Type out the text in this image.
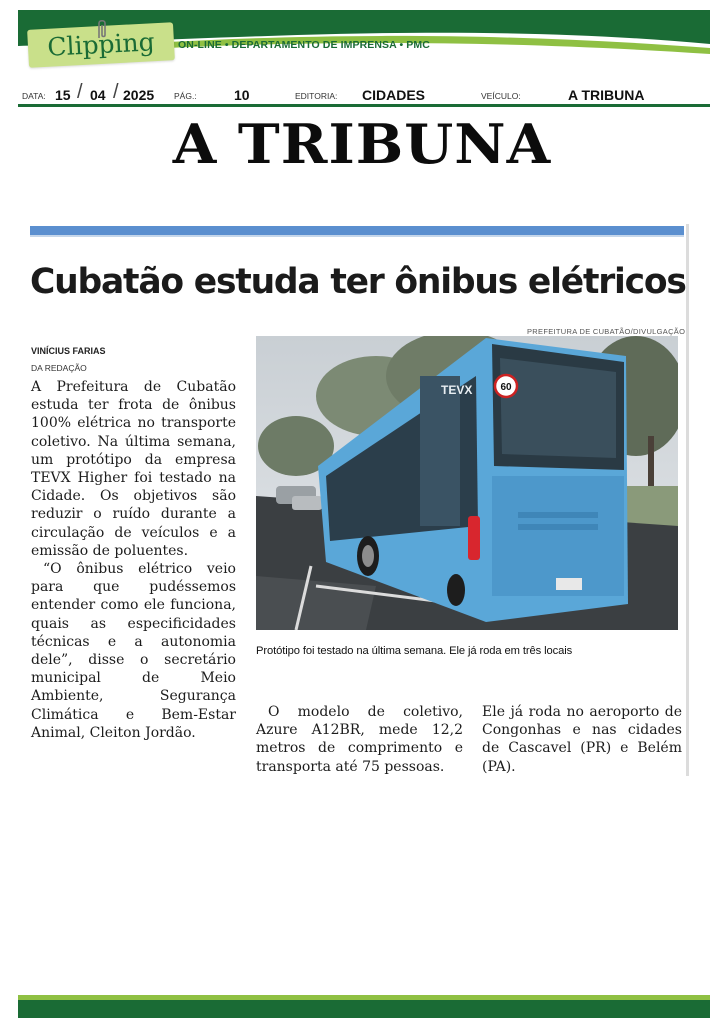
Clipping	ON-LINE • DEPARTAMENTO DE IMPRENSA • PMC
DATA: 15 / 04 / 2025 PÁG.:	10	EDITORIA: CIDADES	VEÍCULO:	A TRIBUNA
A TRIBUNA
Cubatão estuda ter ônibus elétricos
PREFEITURA DE CUBATÃO/DIVULGAÇÃO
VINÍCIUS FARIAS
DA REDAÇÃO

A Prefeitura de Cubatão estuda ter frota de ônibus 100% elétrica no transporte coletivo. Na última semana, um protótipo da empresa TEVX Higher foi testado na Cidade. Os objetivos são reduzir o ruído durante a circulação de veículos e a emissão de poluentes.

“O ônibus elétrico veio para que pudéssemos entender como ele funciona, quais as especificidades técnicas e a autonomia dele”, disse o secretário municipal de Meio Ambiente, Segurança Climática e Bem-Estar Animal, Cleiton Jordão.

60
TEVX
Protótipo foi testado na última semana. Ele já roda em três locais
O modelo de coletivo, Azure A12BR, mede 12,2 metros de comprimento e transporta até 75 pessoas.
Ele já roda no aeroporto de Congonhas e nas cidades de Cascavel (PR) e Belém (PA).
